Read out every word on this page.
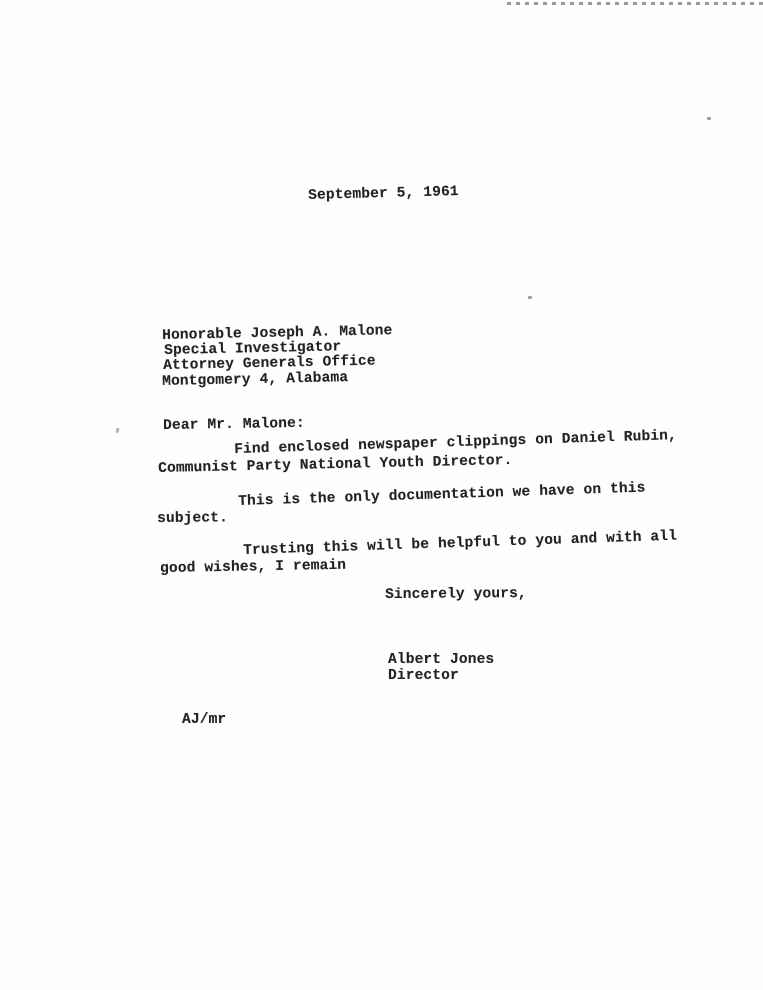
September 5, 1961
Honorable Joseph A. Malone
Special Investigator
Attorney Generals Office
Montgomery 4, Alabama
Dear Mr. Malone:
Find enclosed newspaper clippings on Daniel Rubin,
Communist Party National Youth Director.
This is the only documentation we have on this
subject.
Trusting this will be helpful to you and with all
good wishes, I remain
Sincerely yours,
Albert Jones
Director
AJ/mr
